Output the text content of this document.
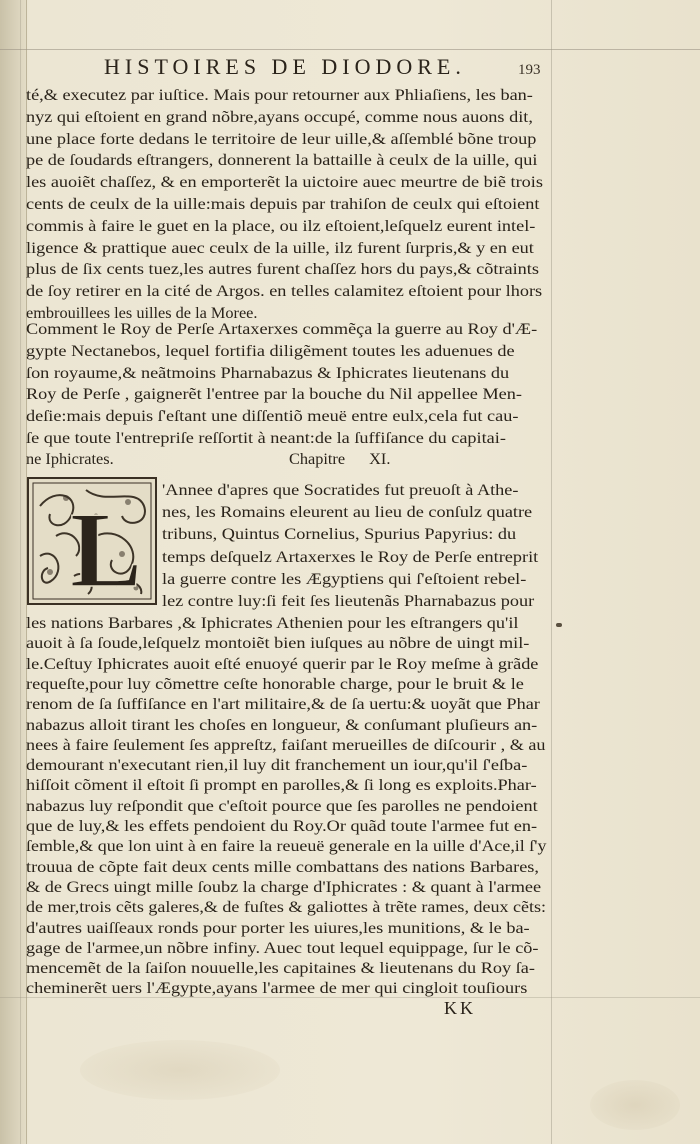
HISTOIRES DE DIODORE.	193
té,& executez par iuſtice. Mais pour retourner aux Phliaſiens, les ban-
nyz qui eſtoient en grand nõbre,ayans occupé, comme nous auons dit,
une place forte dedans le territoire de leur uille,& aſſemblé bõne troup
pe de ſoudards eſtrangers, donnerent la battaille à ceulx de la uille, qui
les auoiẽt chaſſez, & en emporterẽt la uictoire auec meurtre de biẽ trois
cents de ceulx de la uille:mais depuis par trahiſon de ceulx qui eſtoient
commis à faire le guet en la place, ou ilz eſtoient,leſquelz eurent intel-
ligence & prattique auec ceulx de la uille, ilz furent ſurpris,& y en eut
plus de ſix cents tuez,les autres furent chaſſez hors du pays,& cõtraints
de ſoy retirer en la cité de Argos. en telles calamitez eſtoient pour lhors
embrouillees les uilles de la Moree.
Comment le Roy de Perſe Artaxerxes commẽça la guerre au Roy d'Æ-
gypte Nectanebos, lequel fortifia diligẽment toutes les aduenues de
ſon royaume,& neãtmoins Pharnabazus & Iphicrates lieutenans du
Roy de Perſe , gaignerẽt l'entree par la bouche du Nil appellee Men-
deſie:mais depuis ſ'eſtant une diſſentiõ meuë entre eulx,cela fut cau-
ſe que toute l'entrepriſe reſſortit à neant:de la ſuffiſance du capitai-
ne Iphicrates.	Chapitre XI.
L
'Annee d'apres que Socratides fut preuoſt à Athe-
nes, les Romains eleurent au lieu de conſulz quatre
tribuns, Quintus Cornelius, Spurius Papyrius: du
temps deſquelz Artaxerxes le Roy de Perſe entreprit
la guerre contre les Ægyptiens qui ſ'eſtoient rebel-
lez contre luy:ſi feit ſes lieutenãs Pharnabazus pour
les nations Barbares ,& Iphicrates Athenien pour les eſtrangers qu'il
auoit à ſa ſoude,leſquelz montoiẽt bien iuſques au nõbre de uingt mil-
le.Ceſtuy Iphicrates auoit eſté enuoyé querir par le Roy meſme à grãde
requeſte,pour luy cõmettre ceſte honorable charge, pour le bruit & le
renom de ſa ſuffiſance en l'art militaire,& de ſa uertu:& uoyãt que Phar
nabazus alloit tirant les choſes en longueur, & conſumant pluſieurs an-
nees à faire ſeulement ſes appreſtz, faiſant merueilles de diſcourir , & au
demourant n'executant rien,il luy dit franchement un iour,qu'il ſ'eſba-
hiſſoit cõment il eſtoit ſi prompt en parolles,& ſi long es exploits.Phar-
nabazus luy reſpondit que c'eſtoit pource que ſes parolles ne pendoient
que de luy,& les effets pendoient du Roy.Or quãd toute l'armee fut en-
ſemble,& que lon uint à en faire la reueuë generale en la uille d'Ace,il ſ'y
trouua de cõpte fait deux cents mille combattans des nations Barbares,
& de Grecs uingt mille ſoubz la charge d'Iphicrates : & quant à l'armee
de mer,trois cẽts galeres,& de fuſtes & galiottes à trẽte rames, deux cẽts:
d'autres uaiſſeaux ronds pour porter les uiures,les munitions, & le ba-
gage de l'armee,un nõbre infiny. Auec tout lequel equippage, ſur le cõ-
mencemẽt de la ſaiſon nouuelle,les capitaines & lieutenans du Roy ſa-
cheminerẽt uers l'Ægypte,ayans l'armee de mer qui cingloit touſiours
KK
